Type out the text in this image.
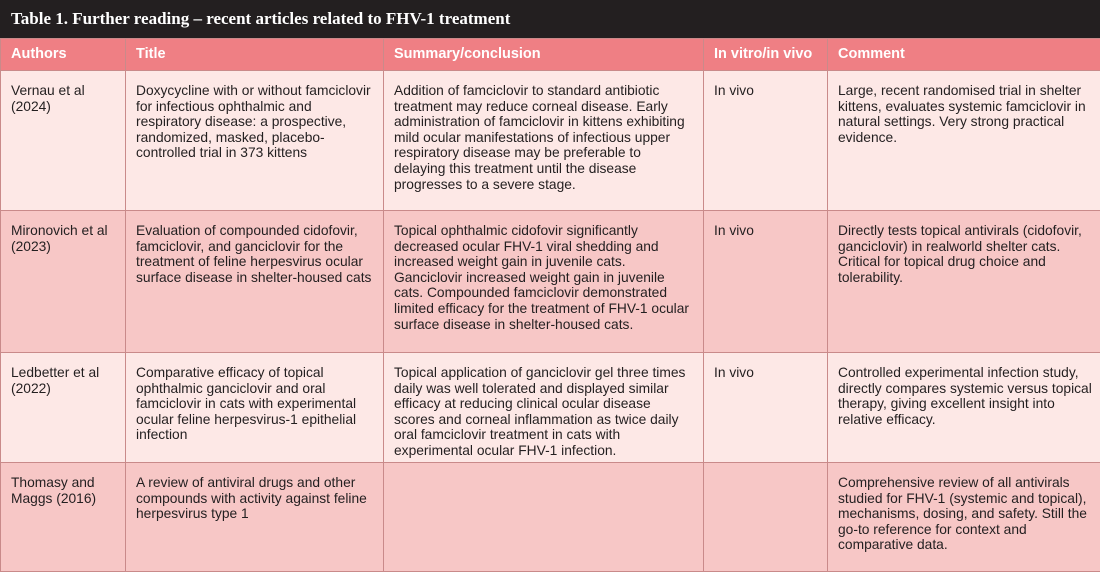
Table 1. Further reading – recent articles related to FHV-1 treatment
Authors	Title	Summary/conclusion	In vitro/in vivo	Comment
Vernau et al (2024)	Doxycycline with or without famciclovir for infectious ophthalmic and respiratory disease: a prospective, randomized, masked, placebo-controlled trial in 373 kittens	Addition of famciclovir to standard antibiotic treatment may reduce corneal disease. Early administration of famciclovir in kittens exhibiting mild ocular manifestations of infectious upper respiratory disease may be preferable to delaying this treatment until the disease progresses to a severe stage.	In vivo	Large, recent randomised trial in shelter kittens, evaluates systemic famciclovir in natural settings. Very strong practical evidence.
Mironovich et al (2023)	Evaluation of compounded cidofovir, famciclovir, and ganciclovir for the treatment of feline herpesvirus ocular surface disease in shelter-housed cats	Topical ophthalmic cidofovir significantly decreased ocular FHV-1 viral shedding and increased weight gain in juvenile cats. Ganciclovir increased weight gain in juvenile cats. Compounded famciclovir demonstrated limited efficacy for the treatment of FHV-1 ocular surface disease in shelter-housed cats.	In vivo	Directly tests topical antivirals (cidofovir, ganciclovir) in realworld shelter cats. Critical for topical drug choice and tolerability.
Ledbetter et al (2022)	Comparative efficacy of topical ophthalmic ganciclovir and oral famciclovir in cats with experimental ocular feline herpesvirus-1 epithelial infection	Topical application of ganciclovir gel three times daily was well tolerated and displayed similar efficacy at reducing clinical ocular disease scores and corneal inflammation as twice daily oral famciclovir treatment in cats with experimental ocular FHV-1 infection.	In vivo	Controlled experimental infection study, directly compares systemic versus topical therapy, giving excellent insight into relative efficacy.
Thomasy and Maggs (2016)	A review of antiviral drugs and other compounds with activity against feline herpesvirus type 1			Comprehensive review of all antivirals studied for FHV-1 (systemic and topical), mechanisms, dosing, and safety. Still the go-to reference for context and comparative data.
